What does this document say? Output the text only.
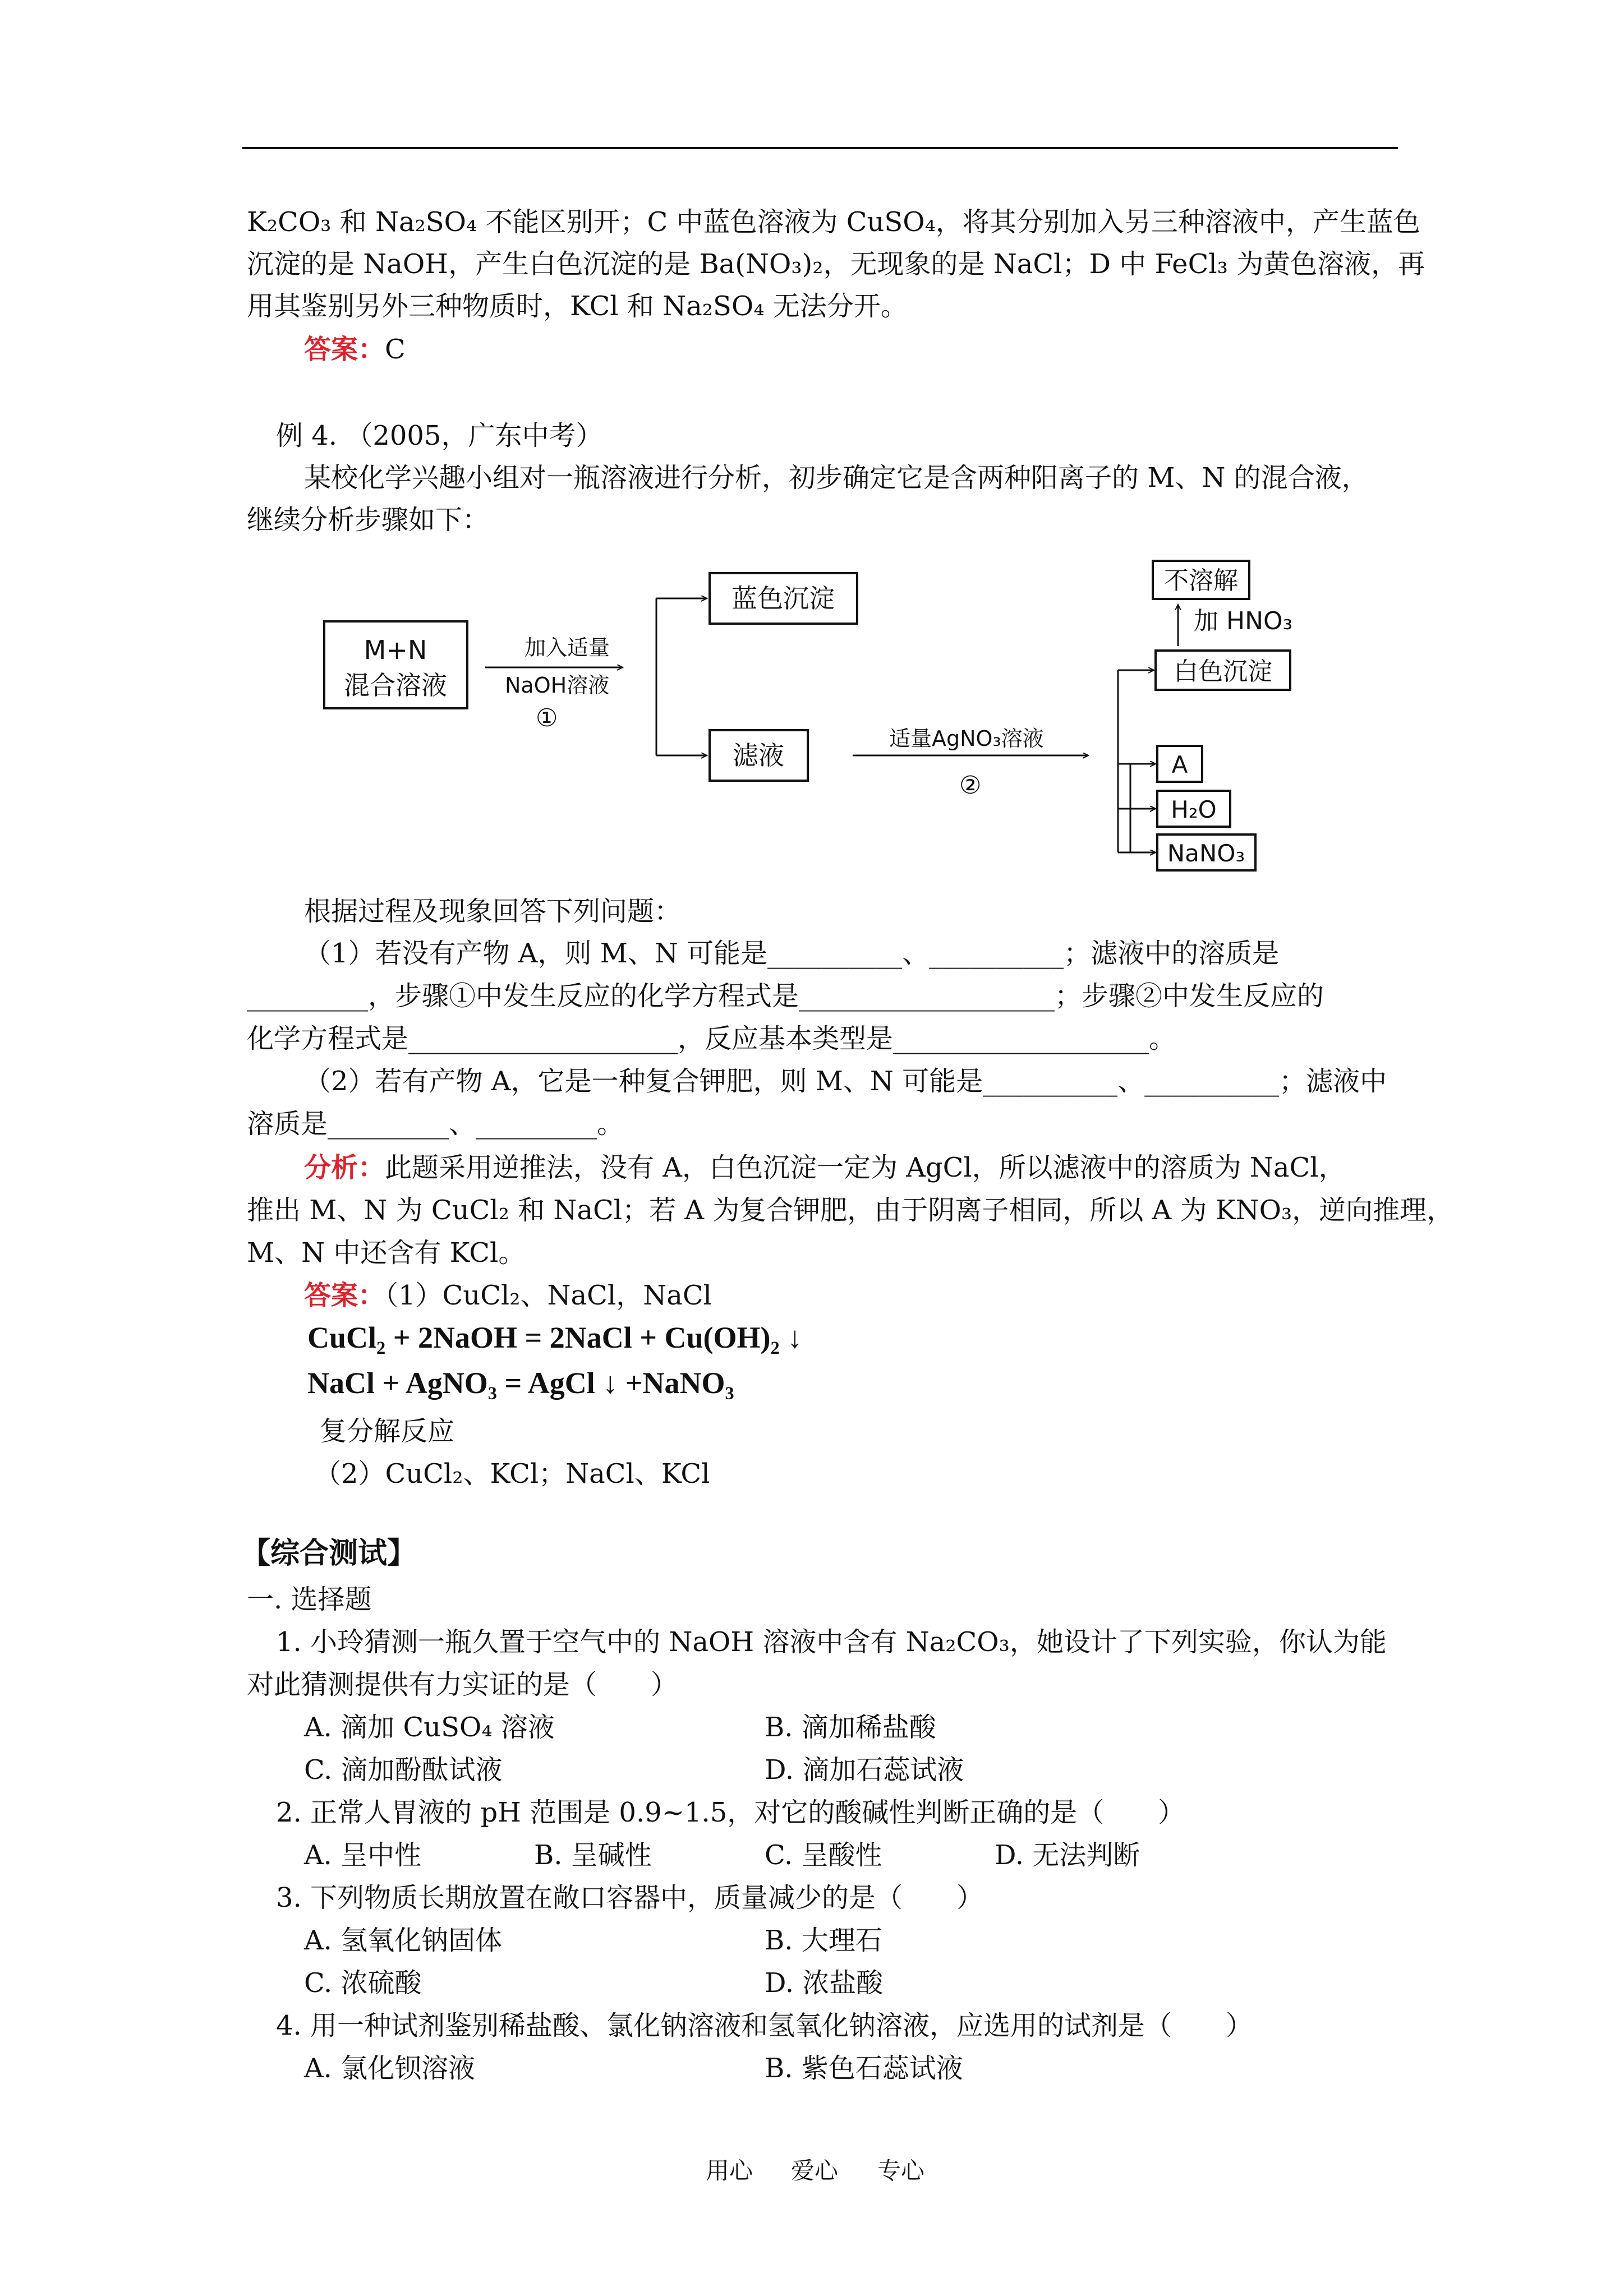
K₂CO₃ 和 Na₂SO₄ 不能区别开；C 中蓝色溶液为 CuSO₄，将其分别加入另三种溶液中，产生蓝色
沉淀的是 NaOH，产生白色沉淀的是 Ba(NO₃)₂，无现象的是 NaCl；D 中 FeCl₃ 为黄色溶液，再
用其鉴别另外三种物质时，KCl 和 Na₂SO₄ 无法分开。
答案：C
例 4. （2005，广东中考）
某校化学兴趣小组对一瓶溶液进行分析，初步确定它是含两种阳离子的 M、N 的混合液，
继续分析步骤如下：
M+N
混合溶液
加入适量
NaOH溶液
①
蓝色沉淀
滤液
适量AgNO₃溶液
②
不溶解
加 HNO₃
白色沉淀
A
H₂O
NaNO₃
根据过程及现象回答下列问题：
（1）若没有产物 A，则 M、N 可能是__________、__________；滤液中的溶质是
_________，步骤①中发生反应的化学方程式是___________________；步骤②中发生反应的
化学方程式是____________________，反应基本类型是___________________。
（2）若有产物 A，它是一种复合钾肥，则 M、N 可能是__________、__________；滤液中
溶质是_________、_________。
分析：此题采用逆推法，没有 A，白色沉淀一定为 AgCl，所以滤液中的溶质为 NaCl，
推出 M、N 为 CuCl₂ 和 NaCl；若 A 为复合钾肥，由于阴离子相同，所以 A 为 KNO₃，逆向推理，
M、N 中还含有 KCl。
答案：（1）CuCl₂、NaCl，NaCl
CuCl₂ + 2NaOH = 2NaCl + Cu(OH)₂ ↓
NaCl + AgNO₃ = AgCl ↓ +NaNO₃
复分解反应
（2）CuCl₂、KCl；NaCl、KCl
【综合测试】
一. 选择题
1. 小玲猜测一瓶久置于空气中的 NaOH 溶液中含有 Na₂CO₃，她设计了下列实验，你认为能
对此猜测提供有力实证的是（　　）
A. 滴加 CuSO₄ 溶液	B. 滴加稀盐酸
C. 滴加酚酞试液	D. 滴加石蕊试液
2. 正常人胃液的 pH 范围是 0.9~1.5，对它的酸碱性判断正确的是（　　）
A. 呈中性	B. 呈碱性	C. 呈酸性	D. 无法判断
3. 下列物质长期放置在敞口容器中，质量减少的是（　　）
A. 氢氧化钠固体	B. 大理石
C. 浓硫酸	D. 浓盐酸
4. 用一种试剂鉴别稀盐酸、氯化钠溶液和氢氧化钠溶液，应选用的试剂是（　　）
A. 氯化钡溶液	B. 紫色石蕊试液
用心 爱心 专心
